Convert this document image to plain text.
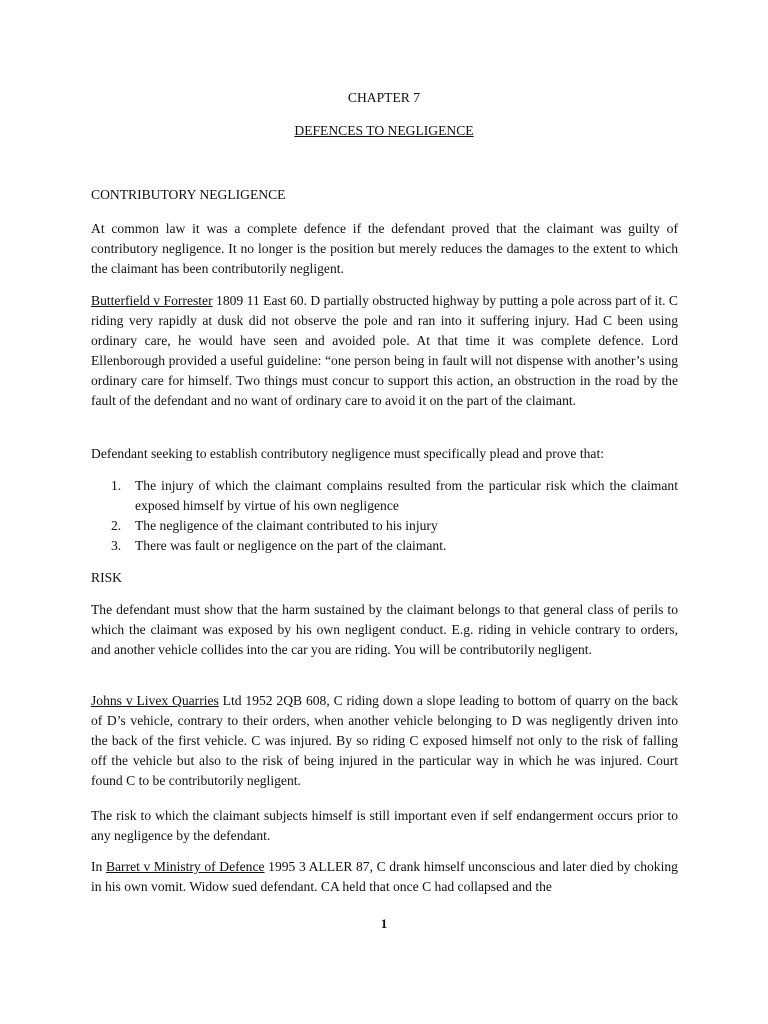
CHAPTER 7
DEFENCES TO NEGLIGENCE
CONTRIBUTORY NEGLIGENCE
At common law it was a complete defence if the defendant proved that the claimant was guilty of contributory negligence. It no longer is the position but merely reduces the damages to the extent to which the claimant has been contributorily negligent.
Butterfield v Forrester 1809 11 East 60. D partially obstructed highway by putting a pole across part of it. C riding very rapidly at dusk did not observe the pole and ran into it suffering injury. Had C been using ordinary care, he would have seen and avoided pole. At that time it was complete defence. Lord Ellenborough provided a useful guideline: “one person being in fault will not dispense with another’s using ordinary care for himself. Two things must concur to support this action, an obstruction in the road by the fault of the defendant and no want of ordinary care to avoid it on the part of the claimant.
Defendant seeking to establish contributory negligence must specifically plead and prove that:
1. The injury of which the claimant complains resulted from the particular risk which the claimant exposed himself by virtue of his own negligence
2. The negligence of the claimant contributed to his injury
3. There was fault or negligence on the part of the claimant.
RISK
The defendant must show that the harm sustained by the claimant belongs to that general class of perils to which the claimant was exposed by his own negligent conduct. E.g. riding in vehicle contrary to orders, and another vehicle collides into the car you are riding. You will be contributorily negligent.
Johns v Livex Quarries Ltd 1952 2QB 608, C riding down a slope leading to bottom of quarry on the back of D’s vehicle, contrary to their orders, when another vehicle belonging to D was negligently driven into the back of the first vehicle. C was injured. By so riding C exposed himself not only to the risk of falling off the vehicle but also to the risk of being injured in the particular way in which he was injured. Court found C to be contributorily negligent.
The risk to which the claimant subjects himself is still important even if self endangerment occurs prior to any negligence by the defendant.
In Barret v Ministry of Defence 1995 3 ALLER 87, C drank himself unconscious and later died by choking in his own vomit. Widow sued defendant. CA held that once C had collapsed and the
1
